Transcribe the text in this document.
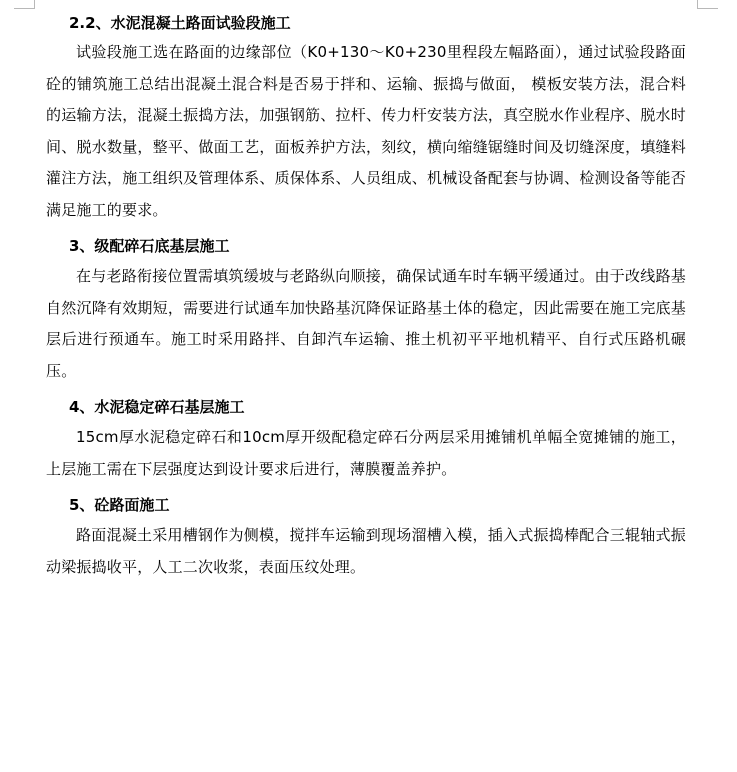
2.2、水泥混凝土路面试验段施工

试验段施工选在路面的边缘部位（K0+130～K0+230里程段左幅路面），通过试验段路面砼的铺筑施工总结出混凝土混合料是否易于拌和、运输、振捣与做面， 模板安装方法，混合料的运输方法，混凝土振捣方法，加强钢筋、拉杆、传力杆安装方法，真空脱水作业程序、脱水时间、脱水数量，整平、做面工艺，面板养护方法，刻纹，横向缩缝锯缝时间及切缝深度，填缝料灌注方法，施工组织及管理体系、质保体系、人员组成、机械设备配套与协调、检测设备等能否满足施工的要求。

3、级配碎石底基层施工

在与老路衔接位置需填筑缓坡与老路纵向顺接，确保试通车时车辆平缓通过。由于改线路基自然沉降有效期短，需要进行试通车加快路基沉降保证路基土体的稳定，因此需要在施工完底基层后进行预通车。施工时采用路拌、自卸汽车运输、推土机初平平地机精平、自行式压路机碾压。

4、水泥稳定碎石基层施工

15cm厚水泥稳定碎石和10cm厚开级配稳定碎石分两层采用摊铺机单幅全宽摊铺的施工，上层施工需在下层强度达到设计要求后进行，薄膜覆盖养护。

5、砼路面施工

路面混凝土采用槽钢作为侧模，搅拌车运输到现场溜槽入模，插入式振捣棒配合三辊轴式振动梁振捣收平，人工二次收浆，表面压纹处理。
